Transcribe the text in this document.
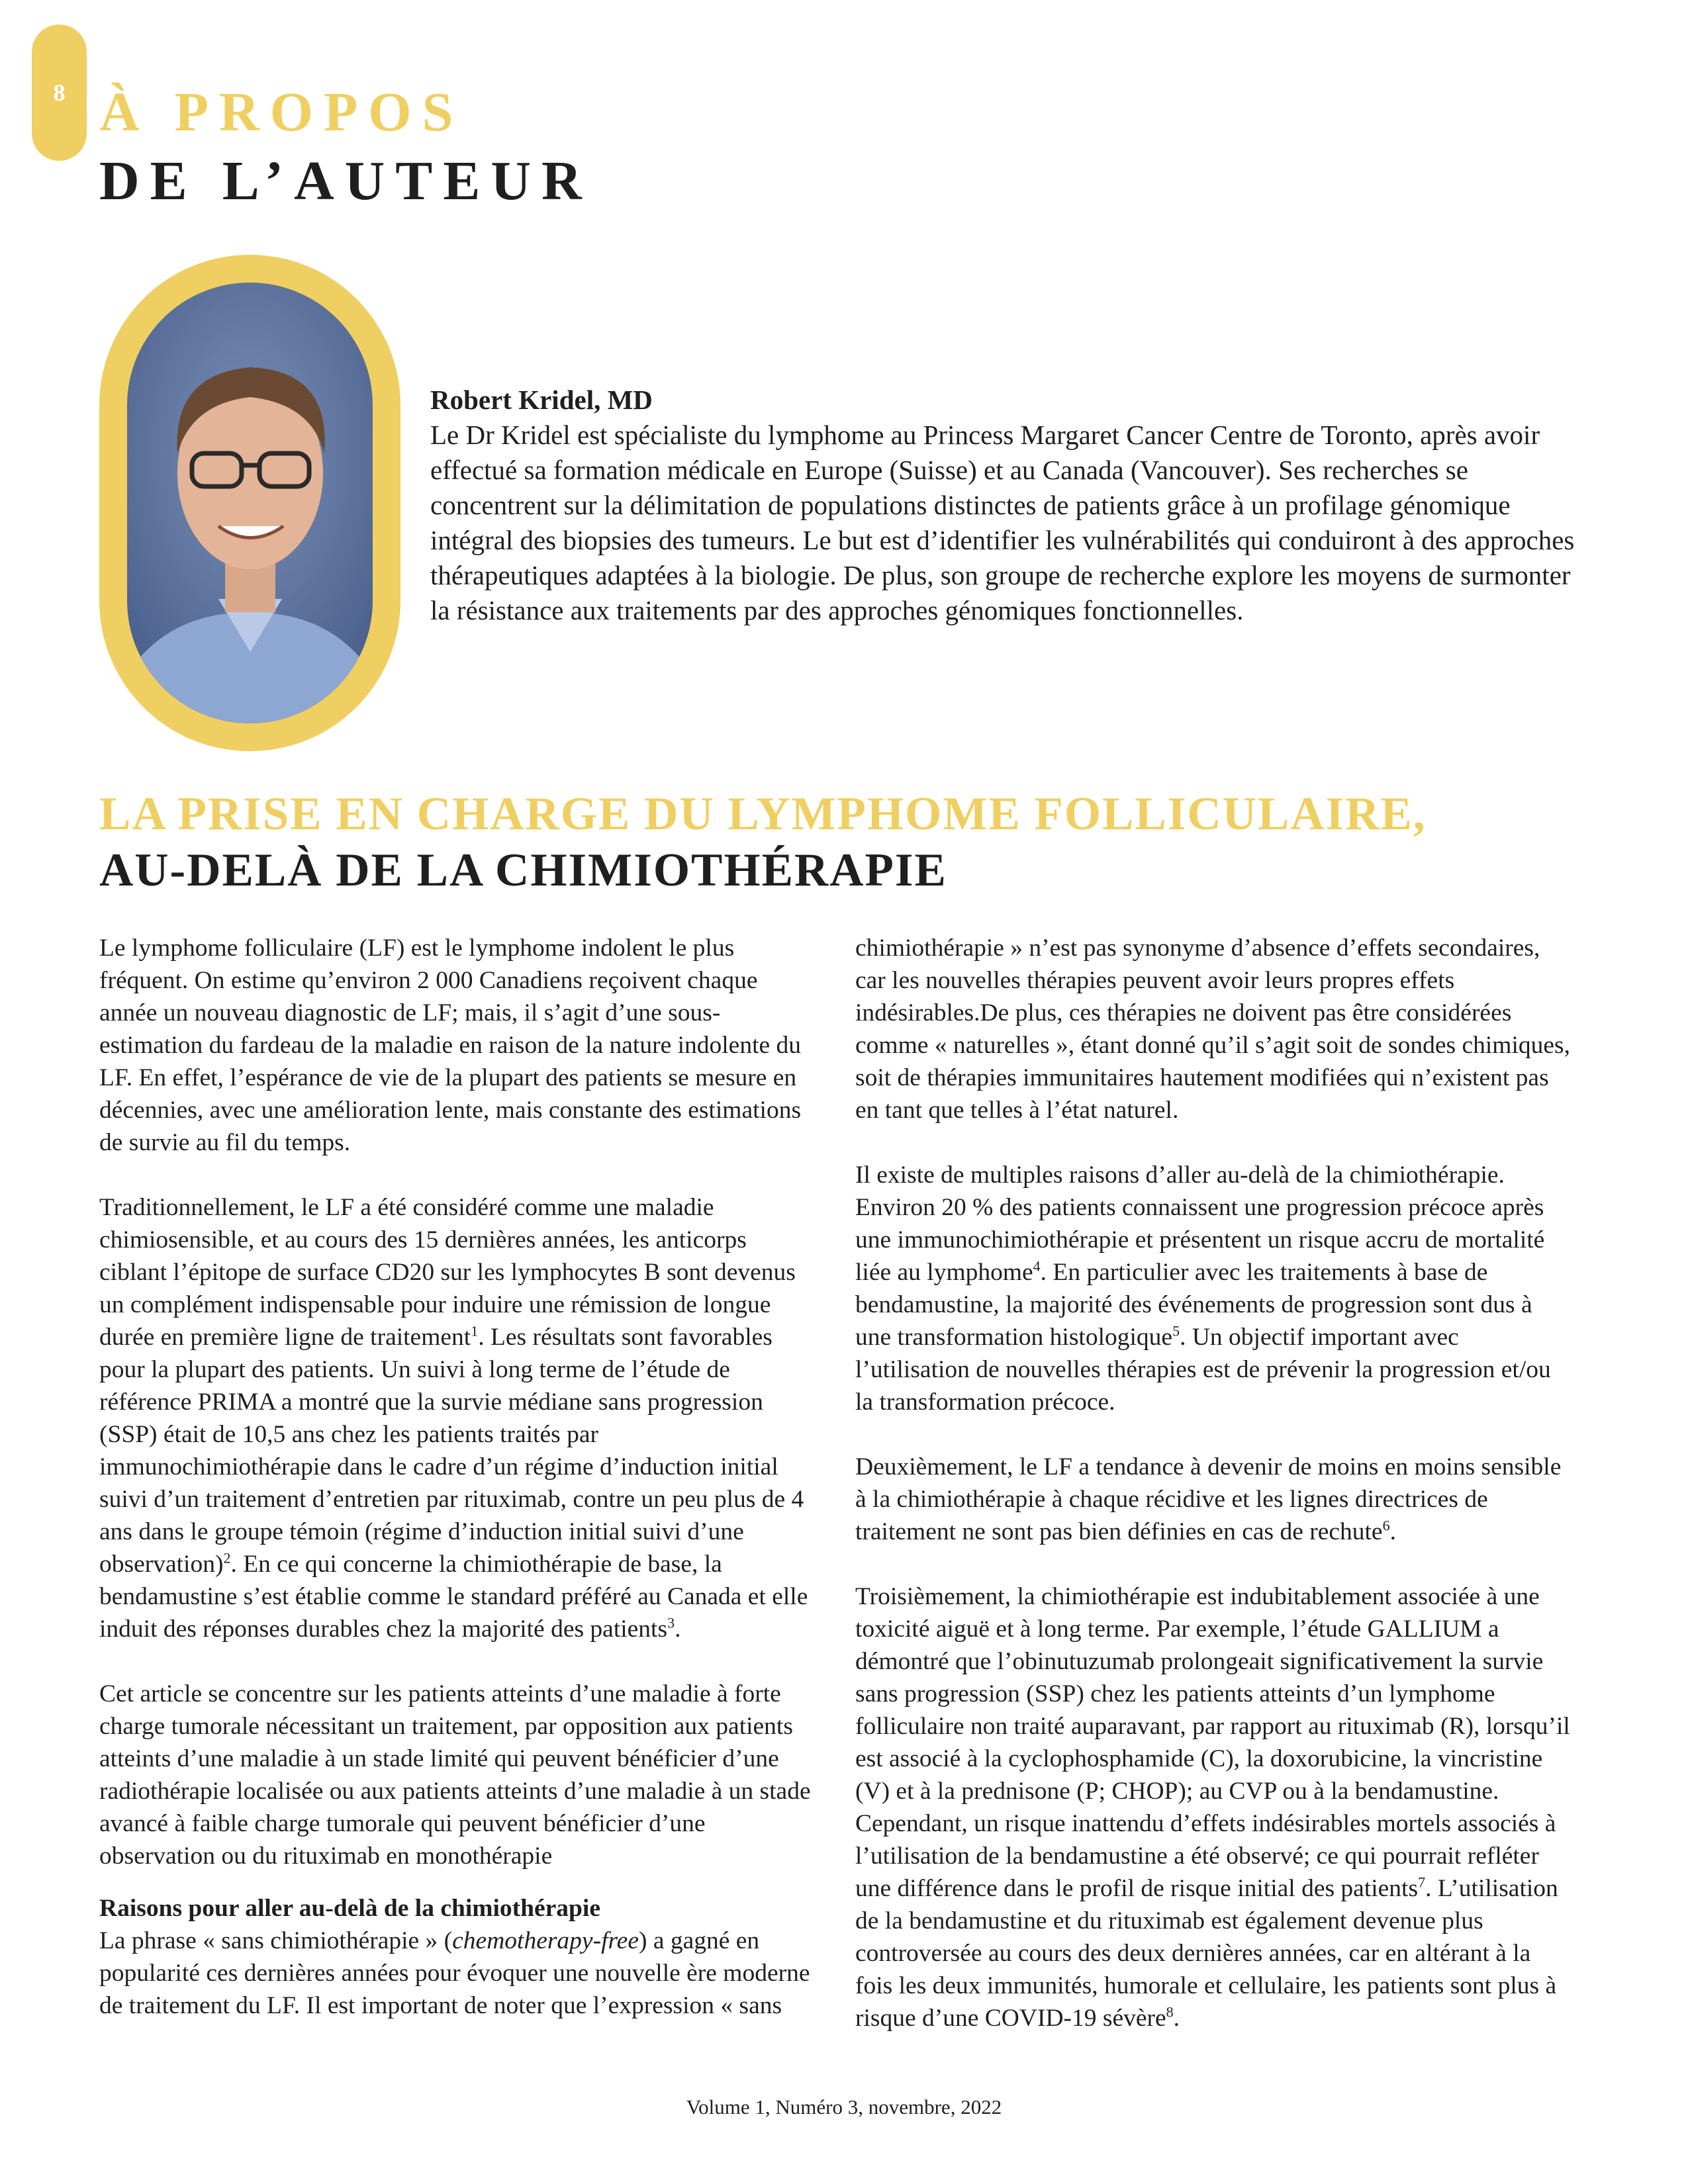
8 À PROPOS
DE L’AUTEUR
Robert Kridel, MD
Le Dr Kridel est spécialiste du lymphome au Princess Margaret Cancer Centre de Toronto, après avoir effectué sa formation médicale en Europe (Suisse) et au Canada (Vancouver). Ses recherches se concentrent sur la délimitation de populations distinctes de patients grâce à un profilage génomique intégral des biopsies des tumeurs. Le but est d’identifier les vulnérabilités qui conduiront à des approches thérapeutiques adaptées à la biologie. De plus, son groupe de recherche explore les moyens de surmonter la résistance aux traitements par des approches génomiques fonctionnelles.
LA PRISE EN CHARGE DU LYMPHOME FOLLICULAIRE,
AU-DELÀ DE LA CHIMIOTHÉRAPIE

Le lymphome folliculaire (LF) est le lymphome indolent le plus fréquent. On estime qu’environ 2 000 Canadiens reçoivent chaque année un nouveau diagnostic de LF; mais, il s’agit d’une sous-estimation du fardeau de la maladie en raison de la nature indolente du LF. En effet, l’espérance de vie de la plupart des patients se mesure en décennies, avec une amélioration lente, mais constante des estimations de survie au fil du temps.

Traditionnellement, le LF a été considéré comme une maladie chimiosensible, et au cours des 15 dernières années, les anticorps ciblant l’épitope de surface CD20 sur les lymphocytes B sont devenus un complément indispensable pour induire une rémission de longue durée en première ligne de traitement$^1$. Les résultats sont favorables pour la plupart des patients. Un suivi à long terme de l’étude de référence PRIMA a montré que la survie médiane sans progression (SSP) était de 10,5 ans chez les patients traités par immunochimiothérapie dans le cadre d’un régime d’induction initial suivi d’un traitement d’entretien par rituximab, contre un peu plus de 4 ans dans le groupe témoin (régime d’induction initial suivi d’une observation)$^2$. En ce qui concerne la chimiothérapie de base, la bendamustine s’est établie comme le standard préféré au Canada et elle induit des réponses durables chez la majorité des patients$^3$.

Cet article se concentre sur les patients atteints d’une maladie à forte charge tumorale nécessitant un traitement, par opposition aux patients atteints d’une maladie à un stade limité qui peuvent bénéficier d’une radiothérapie localisée ou aux patients atteints d’une maladie à un stade avancé à faible charge tumorale qui peuvent bénéficier d’une observation ou du rituximab en monothérapie

Raisons pour aller au-delà de la chimiothérapie

La phrase « sans chimiothérapie » (chemotherapy-free) a gagné en popularité ces dernières années pour évoquer une nouvelle ère moderne de traitement du LF. Il est important de noter que l’expression « sans

chimiothérapie » n’est pas synonyme d’absence d’effets secondaires, car les nouvelles thérapies peuvent avoir leurs propres effets indésirables.De plus, ces thérapies ne doivent pas être considérées comme « naturelles », étant donné qu’il s’agit soit de sondes chimiques, soit de thérapies immunitaires hautement modifiées qui n’existent pas en tant que telles à l’état naturel.

Il existe de multiples raisons d’aller au-delà de la chimiothérapie. Environ 20 % des patients connaissent une progression précoce après une immunochimiothérapie et présentent un risque accru de mortalité liée au lymphome$^4$. En particulier avec les traitements à base de bendamustine, la majorité des événements de progression sont dus à une transformation histologique$^5$. Un objectif important avec l’utilisation de nouvelles thérapies est de prévenir la progression et/ou la transformation précoce.

Deuxièmement, le LF a tendance à devenir de moins en moins sensible à la chimiothérapie à chaque récidive et les lignes directrices de traitement ne sont pas bien définies en cas de rechute$^6$.

Troisièmement, la chimiothérapie est indubitablement associée à une toxicité aiguë et à long terme. Par exemple, l’étude GALLIUM a démontré que l’obinutuzumab prolongeait significativement la survie sans progression (SSP) chez les patients atteints d’un lymphome folliculaire non traité auparavant, par rapport au rituximab (R), lorsqu’il est associé à la cyclophosphamide (C), la doxorubicine, la vincristine (V) et à la prednisone (P; CHOP); au CVP ou à la bendamustine. Cependant, un risque inattendu d’effets indésirables mortels associés à l’utilisation de la bendamustine a été observé; ce qui pourrait refléter une différence dans le profil de risque initial des patients$^7$. L’utilisation de la bendamustine et du rituximab est également devenue plus controversée au cours des deux dernières années, car en altérant à la fois les deux immunités, humorale et cellulaire, les patients sont plus à risque d’une COVID-19 sévère$^8$.

Volume 1, Numéro 3, novembre, 2022
